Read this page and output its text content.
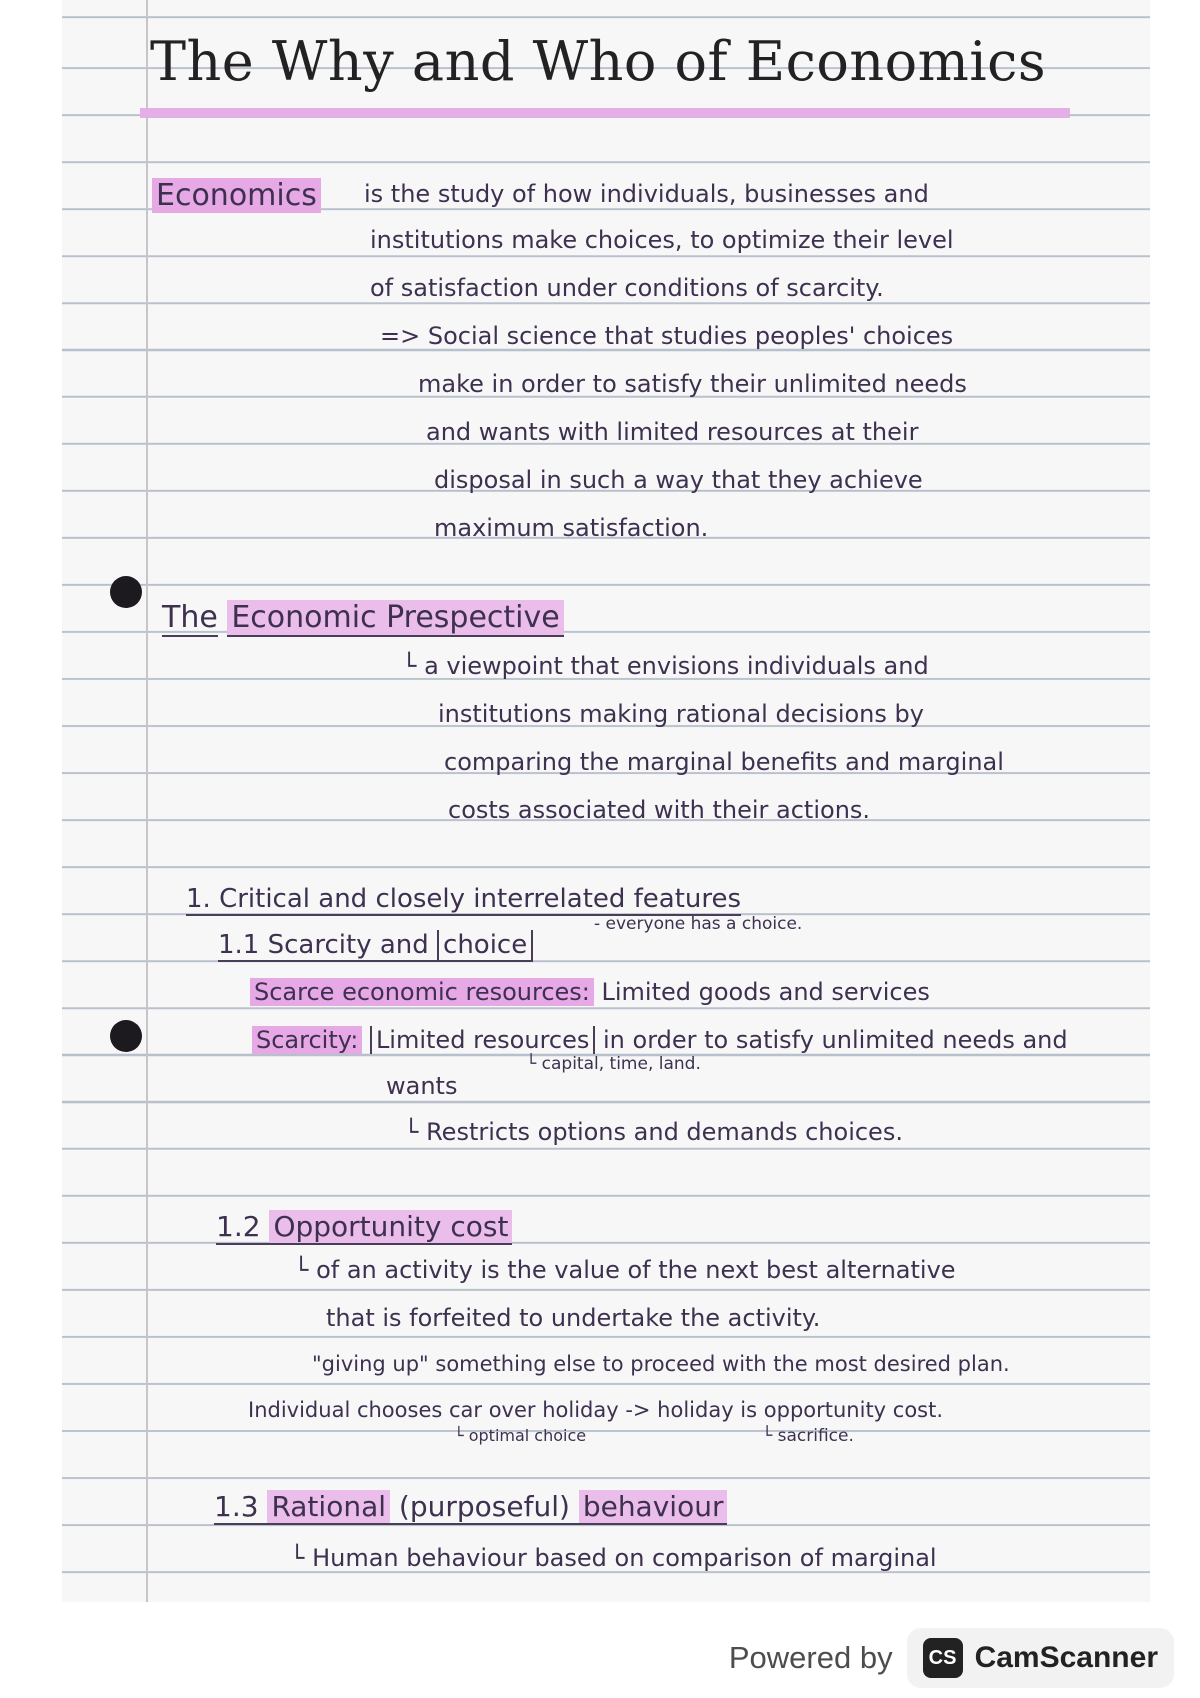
The Why and Who of Economics
Economics is the study of how individuals, businesses and
institutions make choices, to optimize their level
of satisfaction under conditions of scarcity.
=> Social science that studies peoples' choices
make in order to satisfy their unlimited needs
and wants with limited resources at their
disposal in such a way that they achieve
maximum satisfaction.
The Economic Prespective
└ a viewpoint that envisions individuals and
institutions making rational decisions by
comparing the marginal benefits and marginal
costs associated with their actions.
1. Critical and closely interrelated features
1.1 Scarcity and choice
- everyone has a choice.
Scarce economic resources: Limited goods and services
Scarcity: Limited resources in order to satisfy unlimited needs and
└ capital, time, land.
wants
└ Restricts options and demands choices.
1.2 Opportunity cost
└ of an activity is the value of the next best alternative
that is forfeited to undertake the activity.
"giving up" something else to proceed with the most desired plan.
Individual chooses car over holiday -> holiday is opportunity cost.
└ optimal choice	└ sacrifice.
1.3 Rational (purposeful) behaviour
└ Human behaviour based on comparison of marginal
Powered by	CS CamScanner
